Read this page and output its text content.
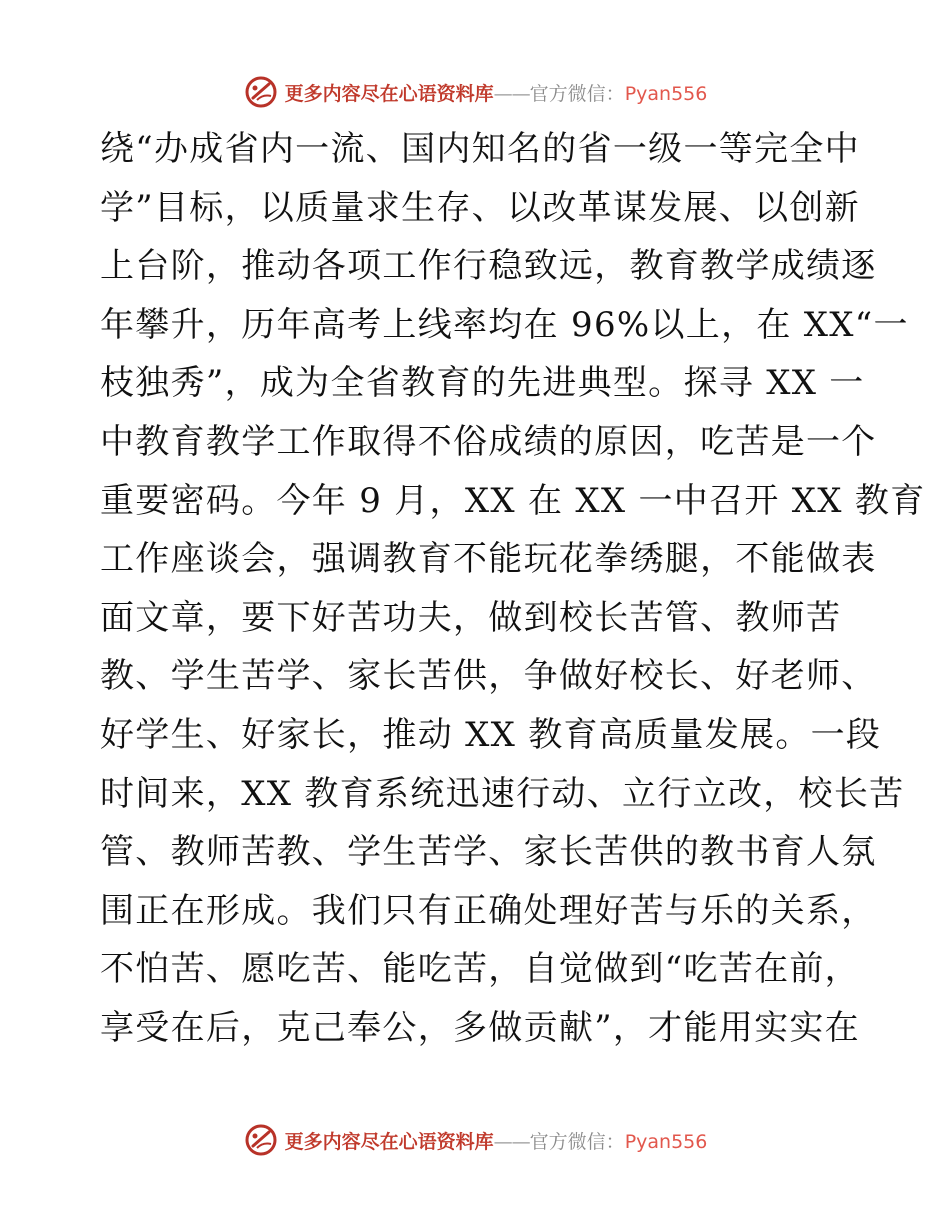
更多内容尽在心语资料库 —— 官方微信： Pyan556
绕“办成省内一流、国内知名的省一级一等完全中
学”目标，以质量求生存、以改革谋发展、以创新
上台阶，推动各项工作行稳致远，教育教学成绩逐
年攀升，历年高考上线率均在 96%以上，在 XX“一
枝独秀”，成为全省教育的先进典型。探寻 XX 一
中教育教学工作取得不俗成绩的原因，吃苦是一个
重要密码。今年 9 月，XX 在 XX 一中召开 XX 教育
工作座谈会，强调教育不能玩花拳绣腿，不能做表
面文章，要下好苦功夫，做到校长苦管、教师苦
教、学生苦学、家长苦供，争做好校长、好老师、
好学生、好家长，推动 XX 教育高质量发展。一段
时间来，XX 教育系统迅速行动、立行立改，校长苦
管、教师苦教、学生苦学、家长苦供的教书育人氛
围正在形成。我们只有正确处理好苦与乐的关系，
不怕苦、愿吃苦、能吃苦，自觉做到“吃苦在前，
享受在后，克己奉公，多做贡献”，才能用实实在
更多内容尽在心语资料库 —— 官方微信： Pyan556
